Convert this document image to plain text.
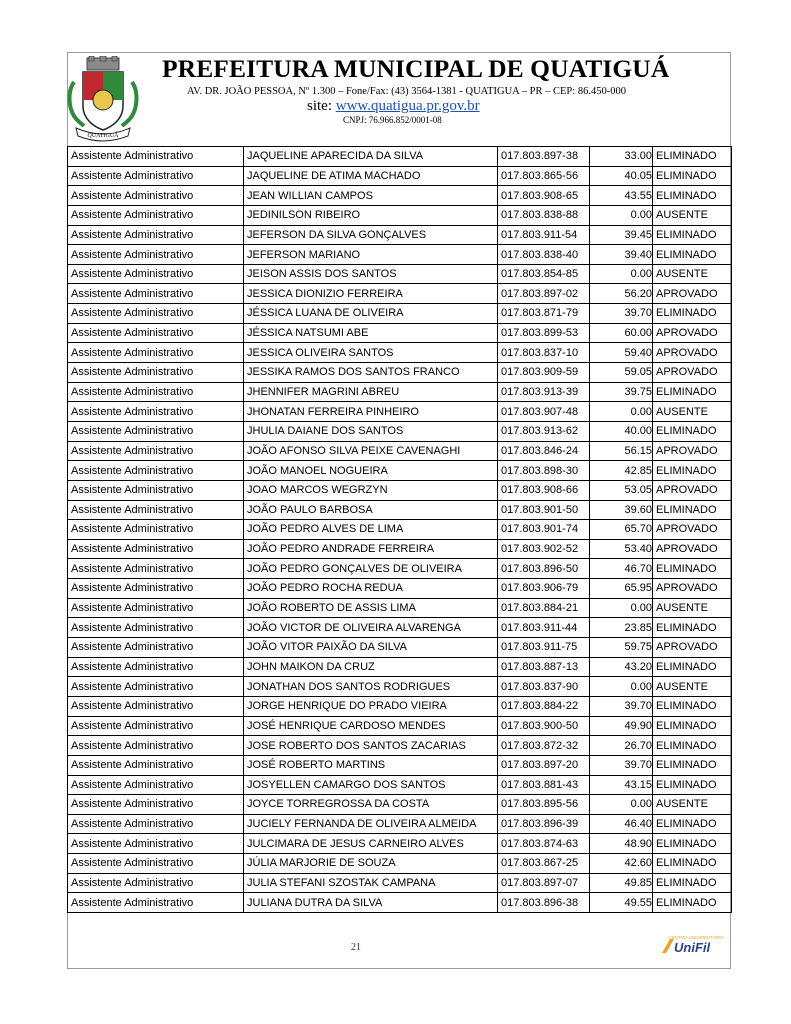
QUATIGUÁ
PREFEITURA MUNICIPAL DE QUATIGUÁ
AV. DR. JOÃO PESSOA, Nº 1.300 – Fone/Fax: (43) 3564-1381 - QUATIGUA – PR – CEP: 86.450-000
site: www.quatigua.pr.gov.br
CNPJ: 76.966.852/0001-08
Assistente Administrativo	JAQUELINE APARECIDA DA SILVA	017.803.897-38	33.00	ELIMINADO
Assistente Administrativo	JAQUELINE DE ATIMA MACHADO	017.803.865-56	40.05	ELIMINADO
Assistente Administrativo	JEAN WILLIAN CAMPOS	017.803.908-65	43.55	ELIMINADO
Assistente Administrativo	JEDINILSON RIBEIRO	017.803.838-88	0.00	AUSENTE
Assistente Administrativo	JEFERSON DA SILVA GONÇALVES	017.803.911-54	39.45	ELIMINADO
Assistente Administrativo	JEFERSON MARIANO	017.803.838-40	39.40	ELIMINADO
Assistente Administrativo	JEISON ASSIS DOS SANTOS	017.803.854-85	0.00	AUSENTE
Assistente Administrativo	JESSICA DIONIZIO FERREIRA	017.803.897-02	56.20	APROVADO
Assistente Administrativo	JÉSSICA LUANA DE OLIVEIRA	017.803.871-79	39.70	ELIMINADO
Assistente Administrativo	JÉSSICA NATSUMI ABE	017.803.899-53	60.00	APROVADO
Assistente Administrativo	JESSICA OLIVEIRA SANTOS	017.803.837-10	59.40	APROVADO
Assistente Administrativo	JESSIKA RAMOS DOS SANTOS FRANCO	017.803.909-59	59.05	APROVADO
Assistente Administrativo	JHENNIFER MAGRINI ABREU	017.803.913-39	39.75	ELIMINADO
Assistente Administrativo	JHONATAN FERREIRA PINHEIRO	017.803.907-48	0.00	AUSENTE
Assistente Administrativo	JHULIA DAIANE DOS SANTOS	017.803.913-62	40.00	ELIMINADO
Assistente Administrativo	JOÃO AFONSO SILVA PEIXE CAVENAGHI	017.803.846-24	56.15	APROVADO
Assistente Administrativo	JOÃO MANOEL NOGUEIRA	017.803.898-30	42.85	ELIMINADO
Assistente Administrativo	JOAO MARCOS WEGRZYN	017.803.908-66	53.05	APROVADO
Assistente Administrativo	JOÃO PAULO BARBOSA	017.803.901-50	39.60	ELIMINADO
Assistente Administrativo	JOÃO PEDRO ALVES DE LIMA	017.803.901-74	65.70	APROVADO
Assistente Administrativo	JOÃO PEDRO ANDRADE FERREIRA	017.803.902-52	53.40	APROVADO
Assistente Administrativo	JOÃO PEDRO GONÇALVES DE OLIVEIRA	017.803.896-50	46.70	ELIMINADO
Assistente Administrativo	JOÃO PEDRO ROCHA REDUA	017.803.906-79	65.95	APROVADO
Assistente Administrativo	JOÃO ROBERTO DE ASSIS LIMA	017.803.884-21	0.00	AUSENTE
Assistente Administrativo	JOÃO VICTOR DE OLIVEIRA ALVARENGA	017.803.911-44	23.85	ELIMINADO
Assistente Administrativo	JOÃO VITOR PAIXÃO DA SILVA	017.803.911-75	59.75	APROVADO
Assistente Administrativo	JOHN MAIKON DA CRUZ	017.803.887-13	43.20	ELIMINADO
Assistente Administrativo	JONATHAN DOS SANTOS RODRIGUES	017.803.837-90	0.00	AUSENTE
Assistente Administrativo	JORGE HENRIQUE DO PRADO VIEIRA	017.803.884-22	39.70	ELIMINADO
Assistente Administrativo	JOSÉ HENRIQUE CARDOSO MENDES	017.803.900-50	49.90	ELIMINADO
Assistente Administrativo	JOSE ROBERTO DOS SANTOS ZACARIAS	017.803.872-32	26.70	ELIMINADO
Assistente Administrativo	JOSÉ ROBERTO MARTINS	017.803.897-20	39.70	ELIMINADO
Assistente Administrativo	JOSYELLEN CAMARGO DOS SANTOS	017.803.881-43	43.15	ELIMINADO
Assistente Administrativo	JOYCE TORREGROSSA DA COSTA	017.803.895-56	0.00	AUSENTE
Assistente Administrativo	JUCIELY FERNANDA DE OLIVEIRA ALMEIDA	017.803.896-39	46.40	ELIMINADO
Assistente Administrativo	JULCIMARA DE JESUS CARNEIRO ALVES	017.803.874-63	48.90	ELIMINADO
Assistente Administrativo	JÚLIA MARJORIE DE SOUZA	017.803.867-25	42.60	ELIMINADO
Assistente Administrativo	JULIA STEFANI SZOSTAK CAMPANA	017.803.897-07	49.85	ELIMINADO
Assistente Administrativo	JULIANA DUTRA DA SILVA	017.803.896-38	49.55	ELIMINADO
21
CENTRO UNIVERSITÁRIO
UniFil
